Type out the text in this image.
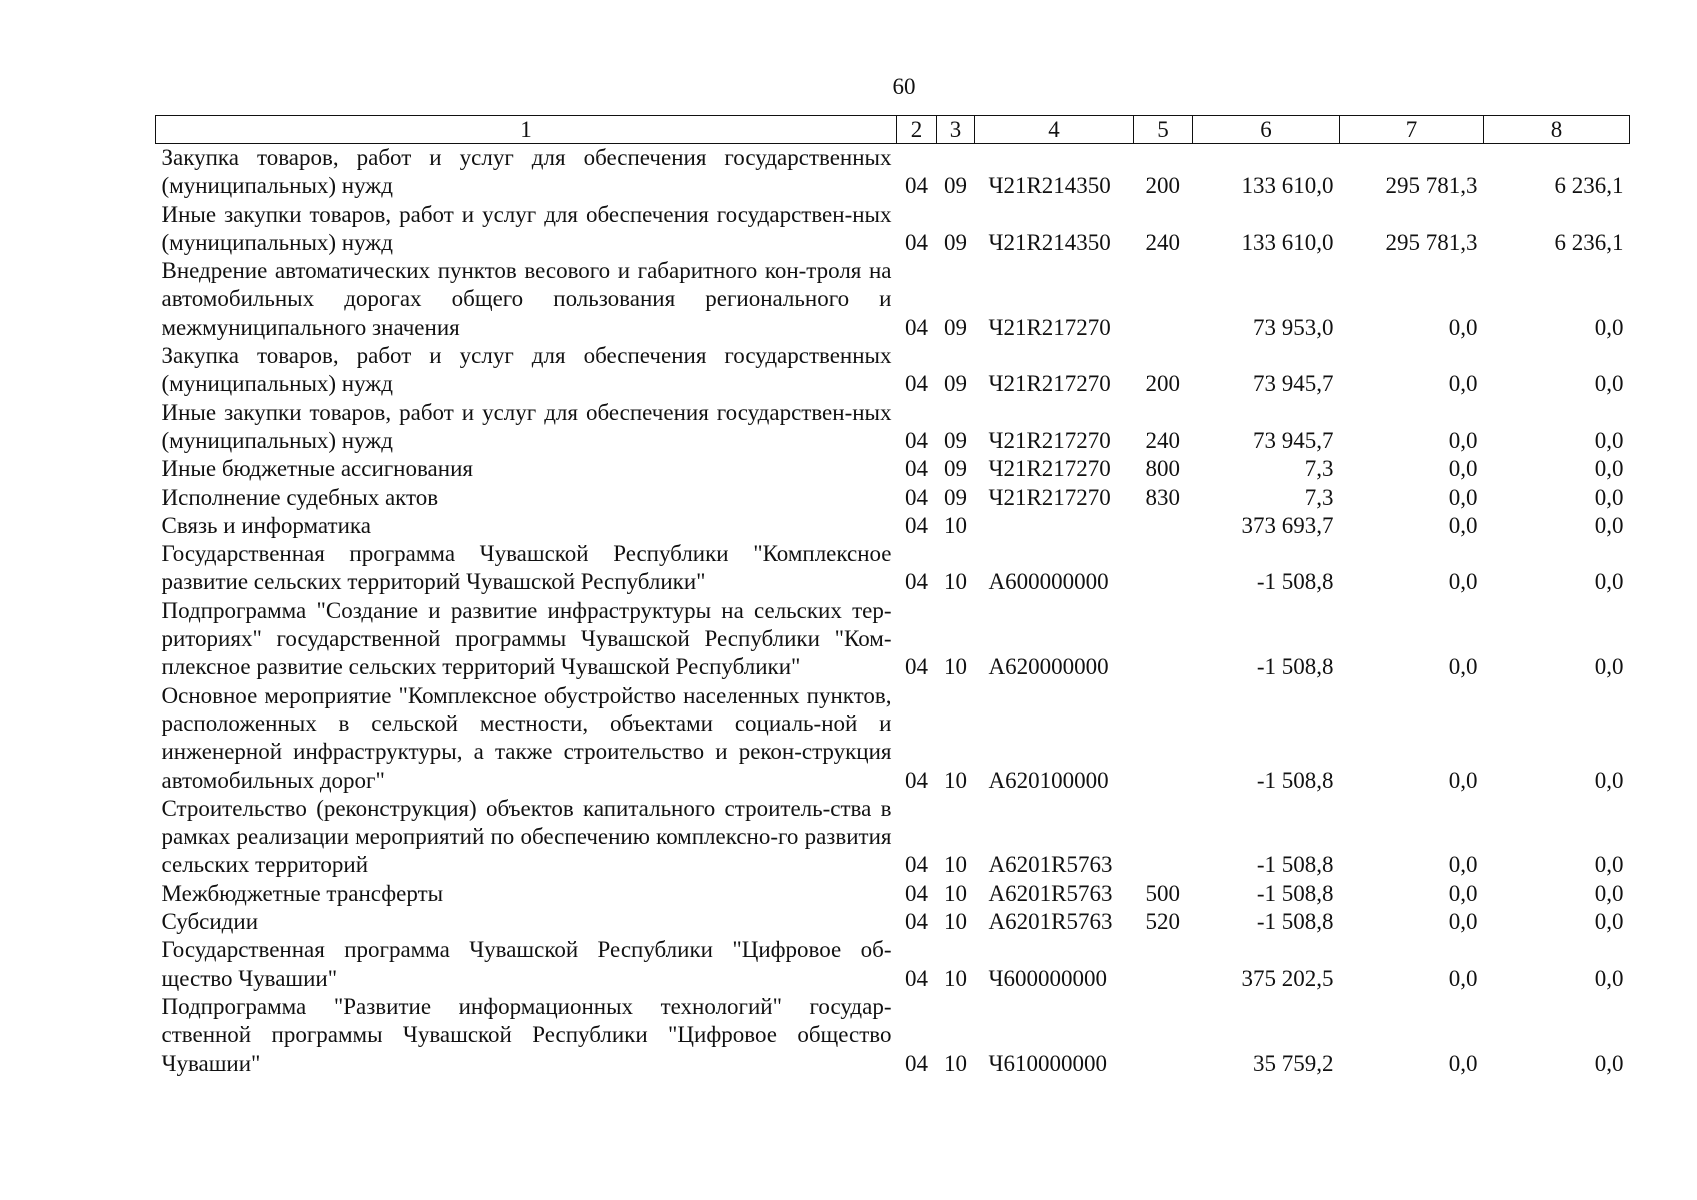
60
1	2	3	4	5	6	7	8
Закупка товаров, работ и услуг для обеспечения государственных (муниципальных) нужд	04	09	Ч21R214350	200	133 610,0	295 781,3	6 236,1
Иные закупки товаров, работ и услуг для обеспечения государствен-ных (муниципальных) нужд	04	09	Ч21R214350	240	133 610,0	295 781,3	6 236,1
Внедрение автоматических пунктов весового и габаритного кон-троля на автомобильных дорогах общего пользования регионального и межмуниципального значения	04	09	Ч21R217270		73 953,0	0,0	0,0
Закупка товаров, работ и услуг для обеспечения государственных (муниципальных) нужд	04	09	Ч21R217270	200	73 945,7	0,0	0,0
Иные закупки товаров, работ и услуг для обеспечения государствен-ных (муниципальных) нужд	04	09	Ч21R217270	240	73 945,7	0,0	0,0
Иные бюджетные ассигнования	04	09	Ч21R217270	800	7,3	0,0	0,0
Исполнение судебных актов	04	09	Ч21R217270	830	7,3	0,0	0,0
Связь и информатика	04	10			373 693,7	0,0	0,0
Государственная программа Чувашской Республики "Комплексное развитие сельских территорий Чувашской Республики"	04	10	А600000000		-1 508,8	0,0	0,0
Подпрограмма "Создание и развитие инфраструктуры на сельских тер-риториях" государственной программы Чувашской Республики "Ком-плексное развитие сельских территорий Чувашской Республики"	04	10	А620000000		-1 508,8	0,0	0,0
Основное мероприятие "Комплексное обустройство населенных пунктов, расположенных в сельской местности, объектами социаль-ной и инженерной инфраструктуры, а также строительство и рекон-струкция автомобильных дорог"	04	10	А620100000		-1 508,8	0,0	0,0
Строительство (реконструкция) объектов капитального строитель-ства в рамках реализации мероприятий по обеспечению комплексно-го развития сельских территорий	04	10	А6201R5763		-1 508,8	0,0	0,0
Межбюджетные трансферты	04	10	А6201R5763	500	-1 508,8	0,0	0,0
Субсидии	04	10	А6201R5763	520	-1 508,8	0,0	0,0
Государственная программа Чувашской Республики "Цифровое об-щество Чувашии"	04	10	Ч600000000		375 202,5	0,0	0,0
Подпрограмма "Развитие информационных технологий" государ-ственной программы Чувашской Республики "Цифровое общество Чувашии"	04	10	Ч610000000		35 759,2	0,0	0,0
